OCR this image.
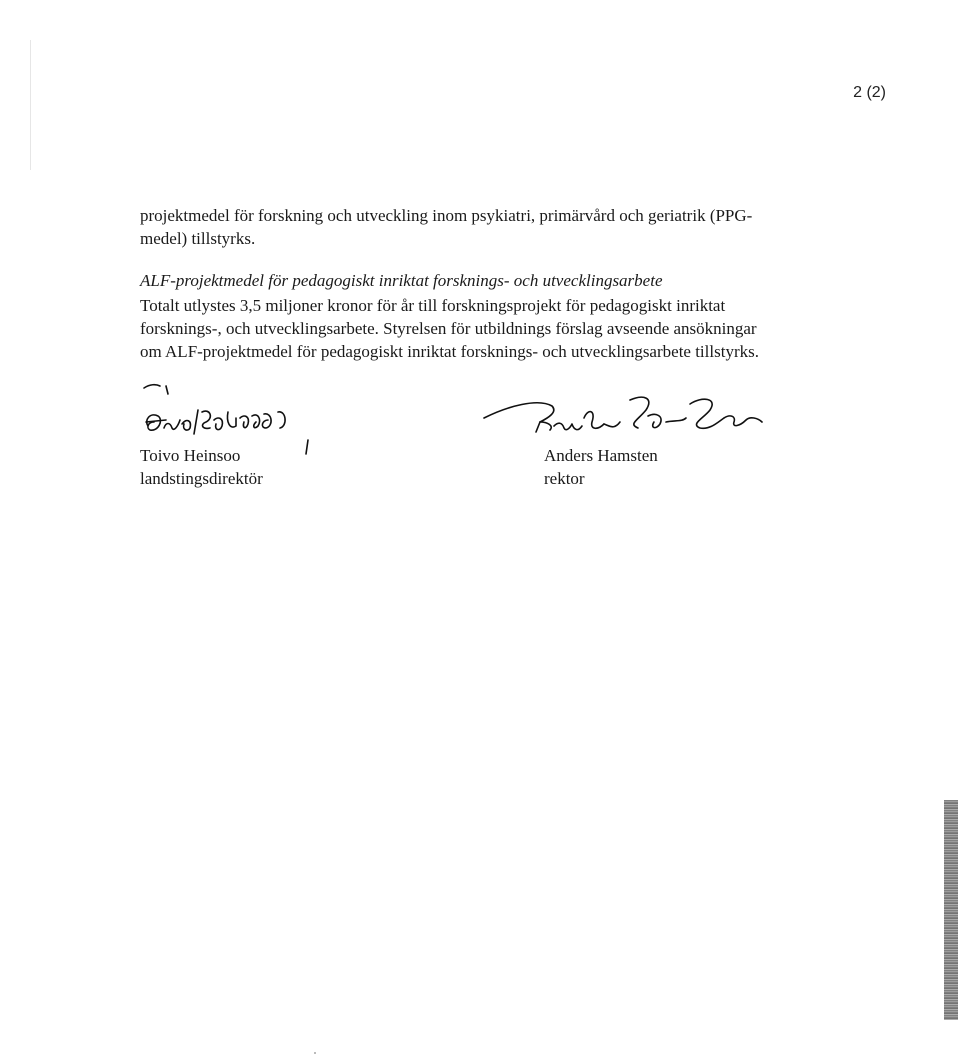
2 (2)
projektmedel för forskning och utveckling inom psykiatri, primärvård och geriatrik (PPG-
medel) tillstyrks.
ALF-projektmedel för pedagogiskt inriktat forsknings- och utvecklingsarbete
Totalt utlystes 3,5 miljoner kronor för år till forskningsprojekt för pedagogiskt inriktat
forsknings-, och utvecklingsarbete. Styrelsen för utbildnings förslag avseende ansökningar
om ALF-projektmedel för pedagogiskt inriktat forsknings- och utvecklingsarbete tillstyrks.
Toivo Heinsoo
landstingsdirektör
Anders Hamsten
rektor
